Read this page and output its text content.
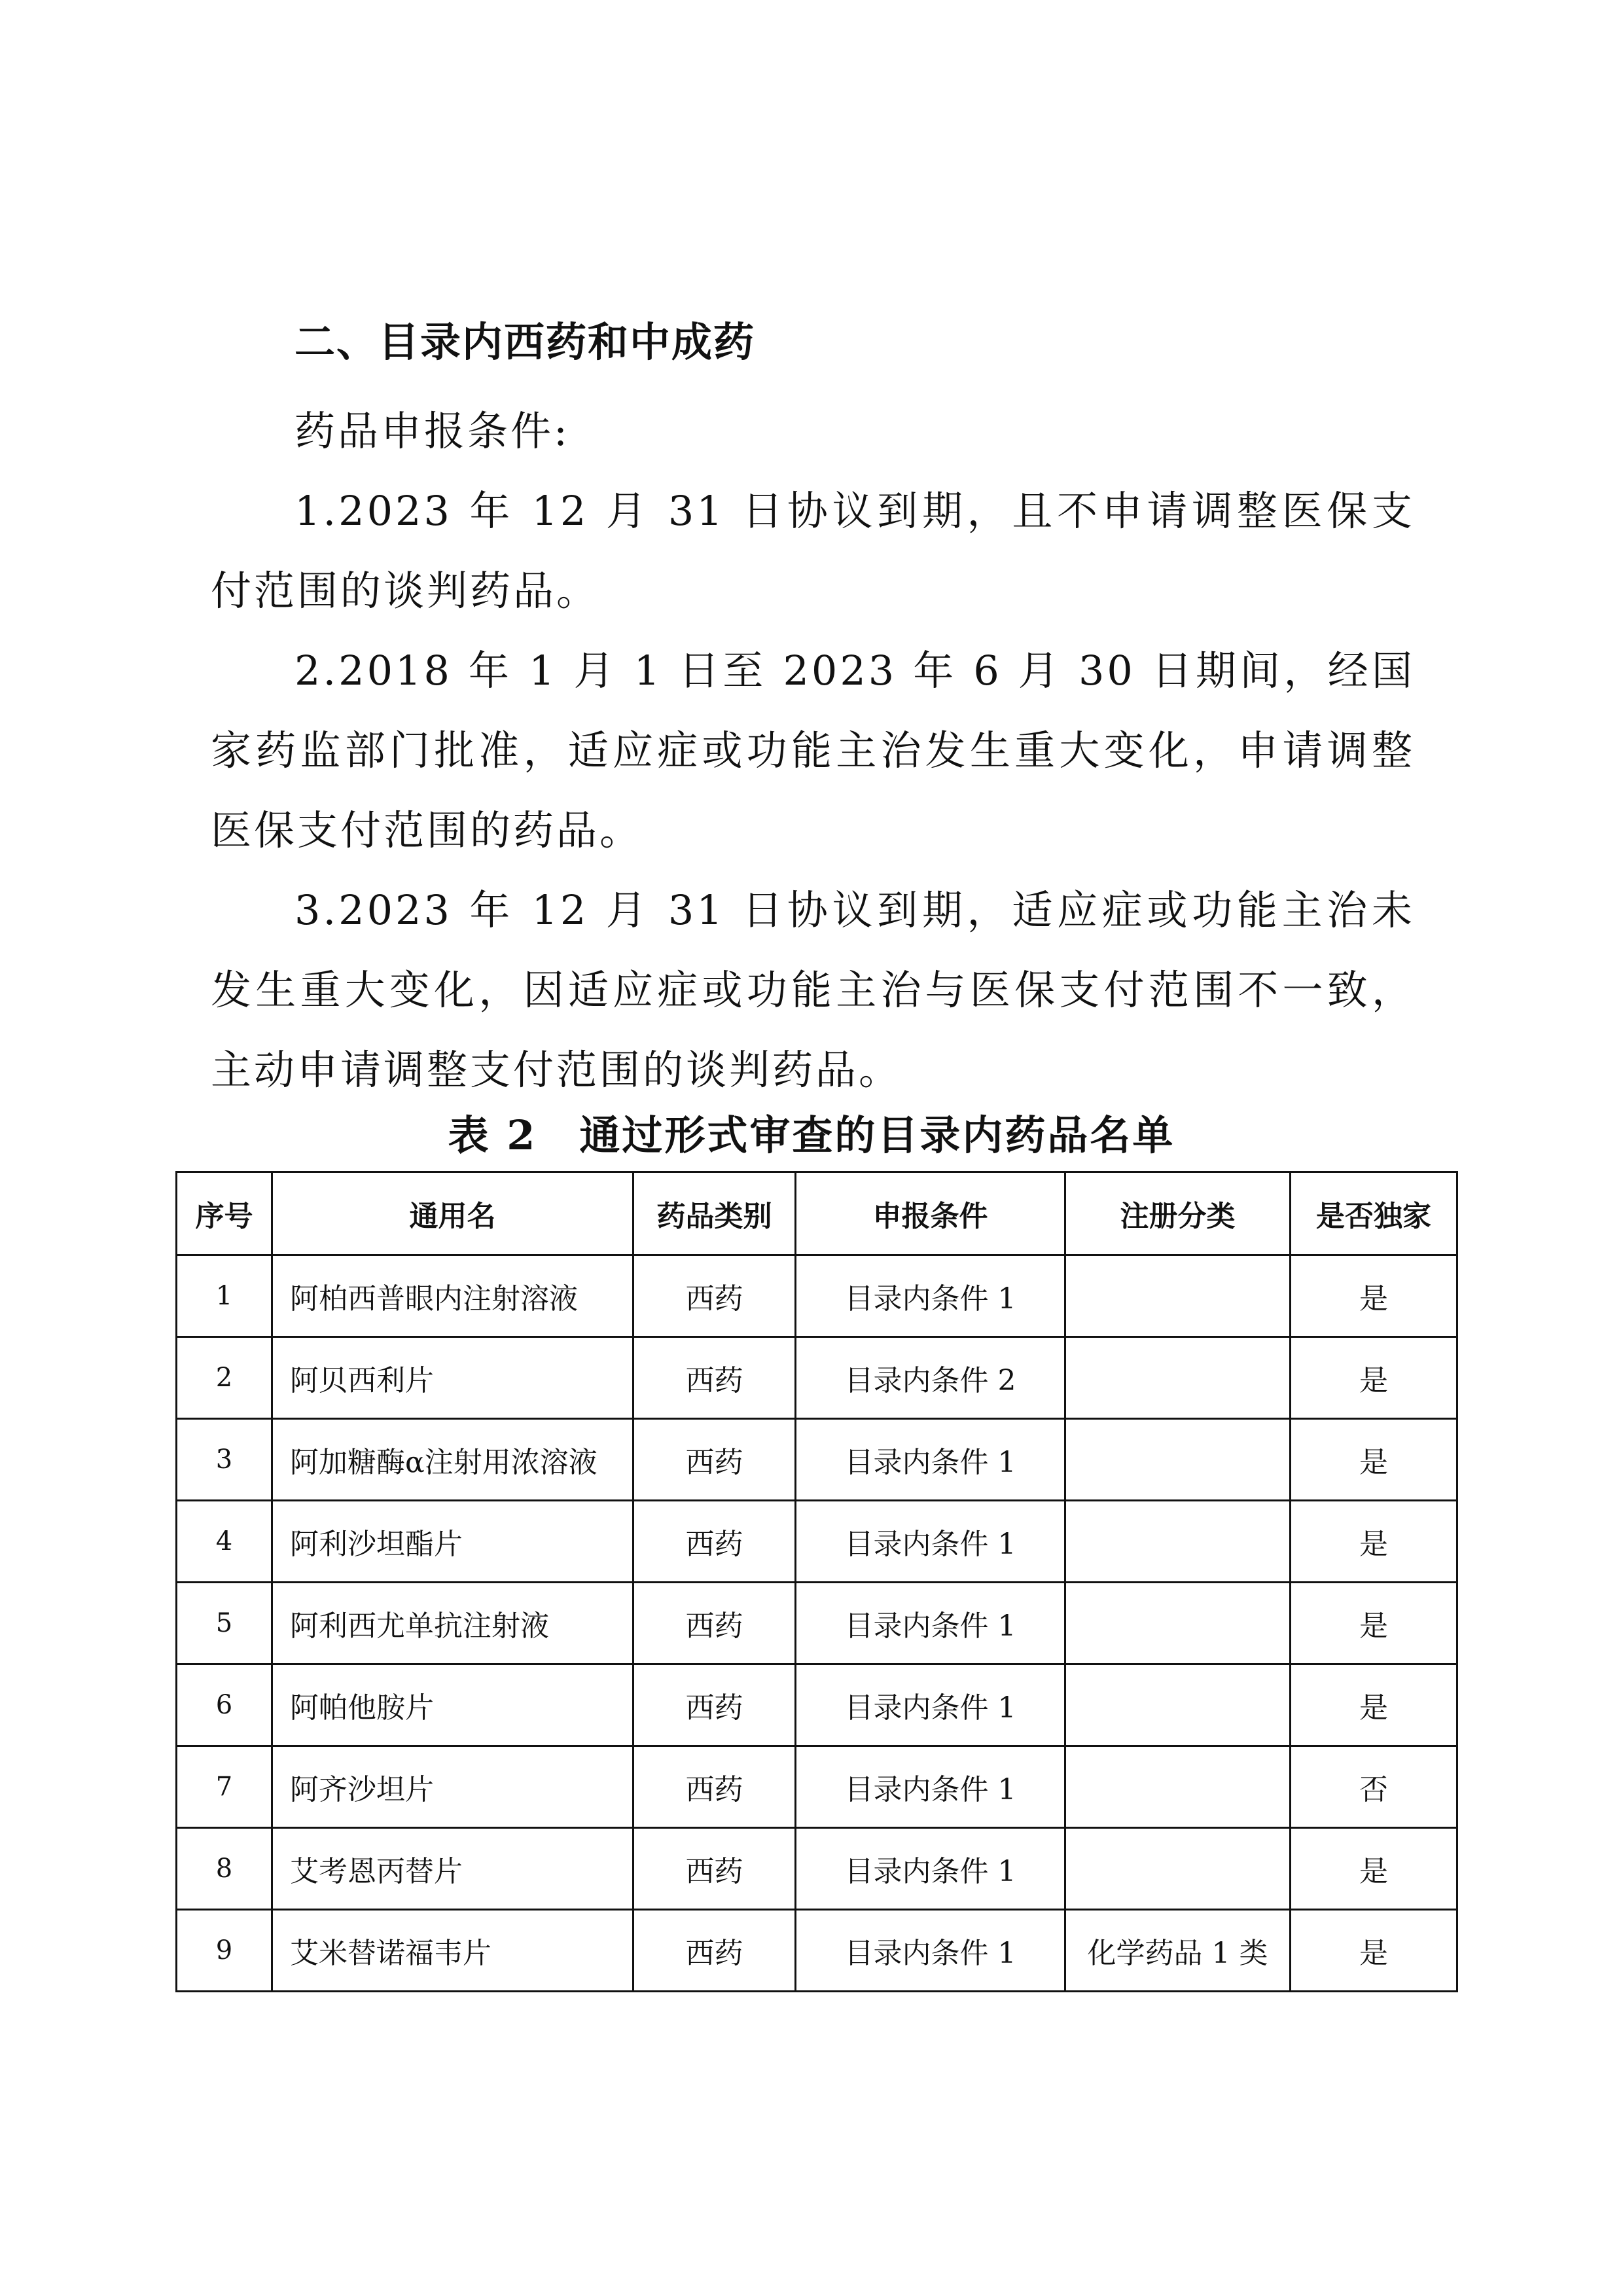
二、目录内西药和中成药

药品申报条件:

1.2023 年 12 月 31 日协议到期，且不申请调整医保支付范围的谈判药品。

2.2018 年 1 月 1 日至 2023 年 6 月 30 日期间，经国家药监部门批准，适应症或功能主治发生重大变化，申请调整医保支付范围的药品。

3.2023 年 12 月 31 日协议到期，适应症或功能主治未发生重大变化，因适应症或功能主治与医保支付范围不一致，主动申请调整支付范围的谈判药品。

表 2　通过形式审查的目录内药品名单
序号	通用名	药品类别	申报条件	注册分类	是否独家
1	阿柏西普眼内注射溶液	西药	目录内条件 1		是
2	阿贝西利片	西药	目录内条件 2		是
3	阿加糖酶α注射用浓溶液	西药	目录内条件 1		是
4	阿利沙坦酯片	西药	目录内条件 1		是
5	阿利西尤单抗注射液	西药	目录内条件 1		是
6	阿帕他胺片	西药	目录内条件 1		是
7	阿齐沙坦片	西药	目录内条件 1		否
8	艾考恩丙替片	西药	目录内条件 1		是
9	艾米替诺福韦片	西药	目录内条件 1	化学药品 1 类	是
